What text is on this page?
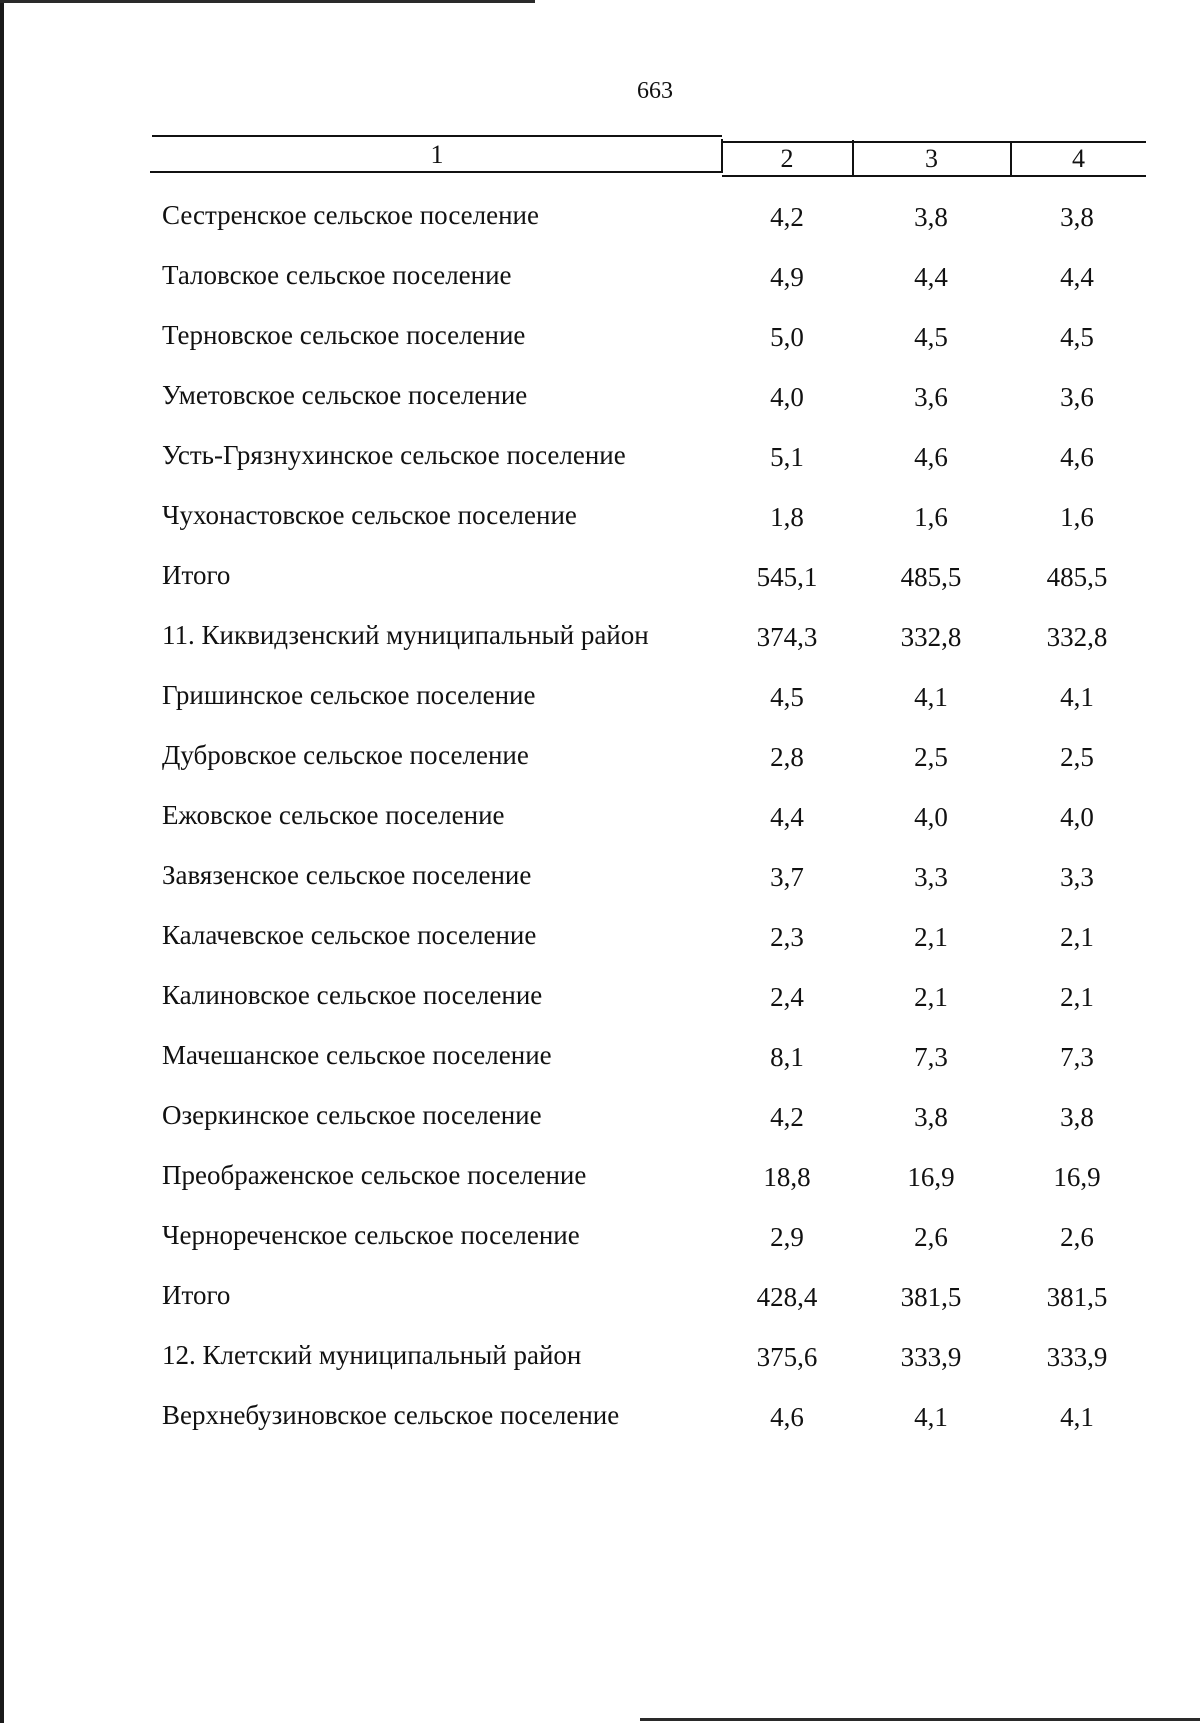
663
1	2	3	4
Сестренское сельское поселение	4,2	3,8	3,8
Таловское сельское поселение	4,9	4,4	4,4
Терновское сельское поселение	5,0	4,5	4,5
Уметовское сельское поселение	4,0	3,6	3,6
Усть-Грязнухинское сельское поселение	5,1	4,6	4,6
Чухонастовское сельское поселение	1,8	1,6	1,6
Итого	545,1	485,5	485,5
11. Киквидзенский муниципальный район	374,3	332,8	332,8
Гришинское сельское поселение	4,5	4,1	4,1
Дубровское сельское поселение	2,8	2,5	2,5
Ежовское сельское поселение	4,4	4,0	4,0
Завязенское сельское поселение	3,7	3,3	3,3
Калачевское сельское поселение	2,3	2,1	2,1
Калиновское сельское поселение	2,4	2,1	2,1
Мачешанское сельское поселение	8,1	7,3	7,3
Озеркинское сельское поселение	4,2	3,8	3,8
Преображенское сельское поселение	18,8	16,9	16,9
Чернореченское сельское поселение	2,9	2,6	2,6
Итого	428,4	381,5	381,5
12. Клетский муниципальный район	375,6	333,9	333,9
Верхнебузиновское сельское поселение	4,6	4,1	4,1
